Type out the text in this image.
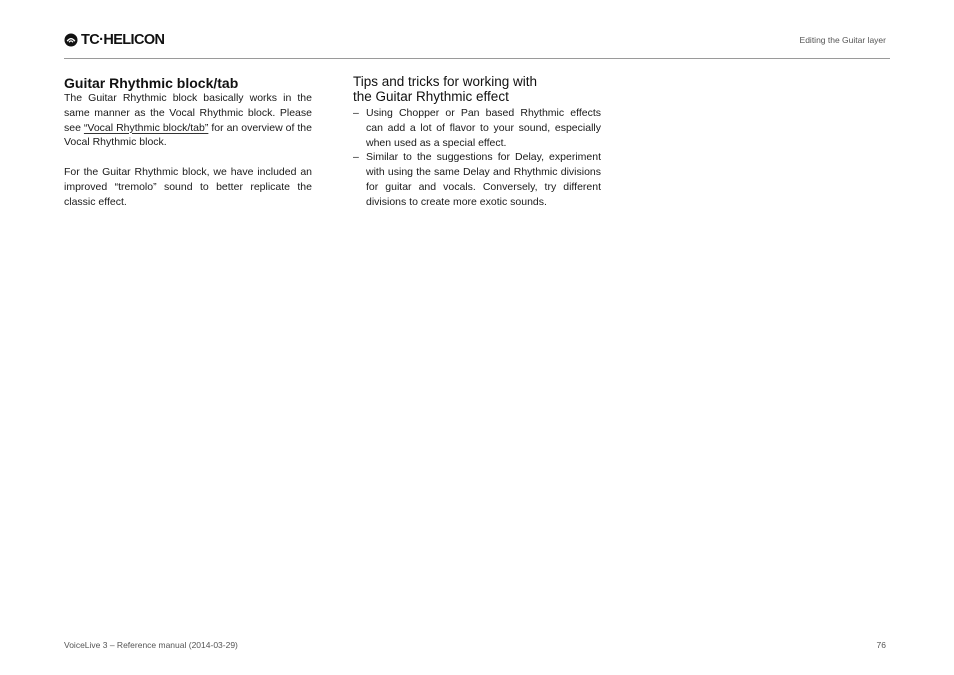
TC·HELICON	Editing the Guitar layer
Guitar Rhythmic block/tab

The Guitar Rhythmic block basically works in the same manner as the Vocal Rhythmic block. Please see “Vocal Rhythmic block/tab” for an overview of the Vocal Rhythmic block.

For the Guitar Rhythmic block, we have included an improved “tremolo” sound to better replicate the classic effect.

Tips and tricks for working with
the Guitar Rhythmic effect
– Using Chopper or Pan based Rhythmic effects can add a lot of flavor to your sound, especially when used as a special effect.
– Similar to the suggestions for Delay, experiment with using the same Delay and Rhythmic divisions for guitar and vocals. Conversely, try different divisions to create more exotic sounds.
VoiceLive 3 – Reference manual (2014-03-29)	76
